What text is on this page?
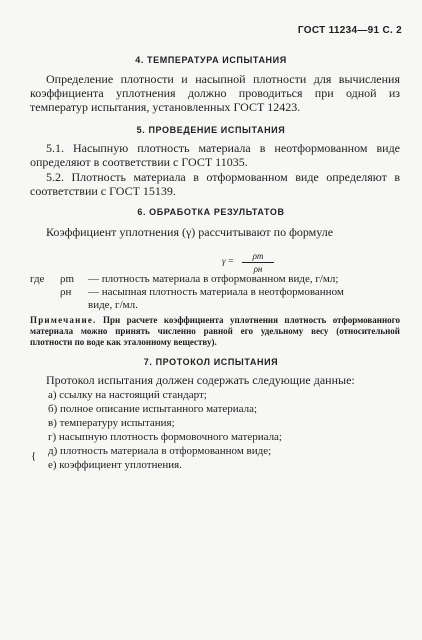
ГОСТ 11234—91 С. 2
4. ТЕМПЕРАТУРА ИСПЫТАНИЯ
Определение плотности и насыпной плотности для вычисления коэффициента уплотнения должно проводиться при одной из температур испытания, установленных ГОСТ 12423.
5. ПРОВЕДЕНИЕ ИСПЫТАНИЯ
5.1. Насыпную плотность материала в неотформованном виде определяют в соответствии с ГОСТ 11035.
5.2. Плотность материала в отформованном виде определяют в соответствии с ГОСТ 15139.
6. ОБРАБОТКА РЕЗУЛЬТАТОВ
Коэффициент уплотнения (γ) рассчитывают по формуле
γ =	ρm
ρн
где ρm — плотность материала в отформованном виде, г/мл;
ρн — насыпная плотность материала в неотформованном
виде, г/мл.
Примечание. При расчете коэффициента уплотнения плотность отформованного материала можно принять численно равной его удельному весу (относительной плотности по воде как эталонному веществу).
7. ПРОТОКОЛ ИСПЫТАНИЯ
Протокол испытания должен содержать следующие данные:
а) ссылку на настоящий стандарт;
б) полное описание испытанного материала;
в) температуру испытания;
г) насыпную плотность формовочного материала;
д) плотность материала в отформованном виде;
е) коэффициент уплотнения.
{
